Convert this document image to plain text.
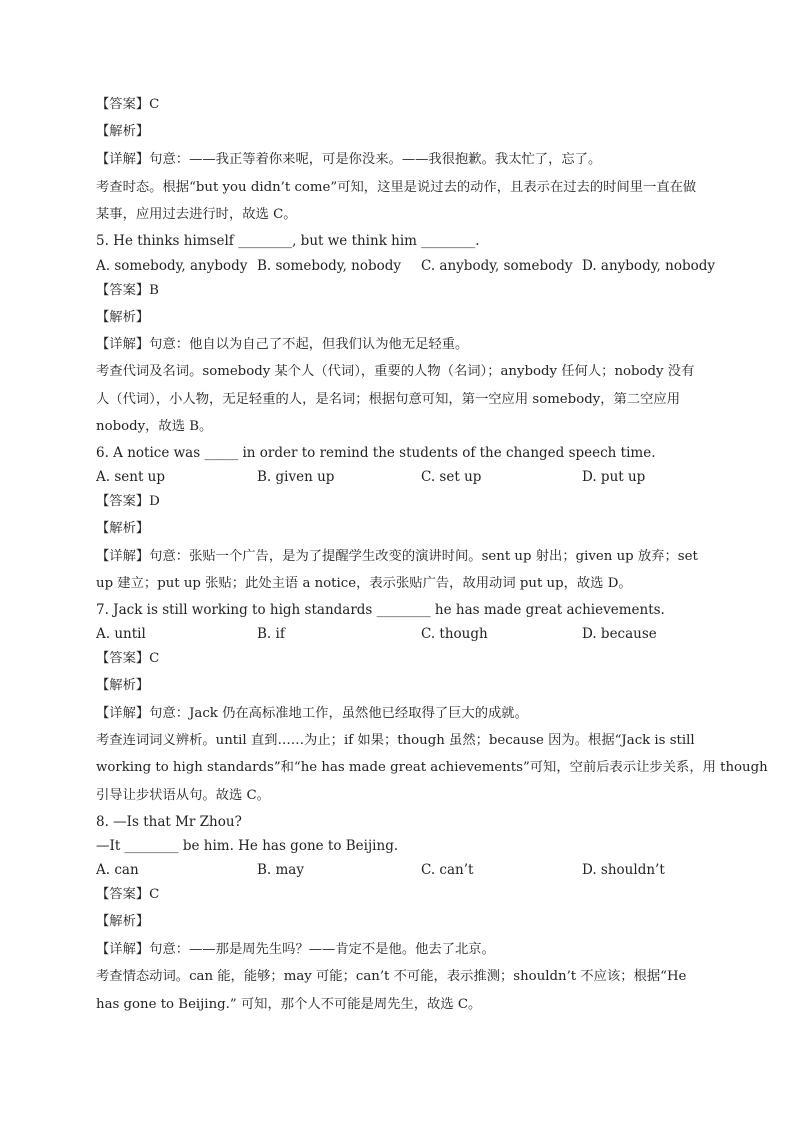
【答案】C
【解析】
【详解】句意：——我正等着你来呢，可是你没来。——我很抱歉。我太忙了，忘了。
考查时态。根据“but you didn’t come”可知，这里是说过去的动作，且表示在过去的时间里一直在做
某事，应用过去进行时，故选 C。
5. He thinks himself ________, but we think him ________.
A. somebody, anybody B. somebody, nobody C. anybody, somebody D. anybody, nobody
【答案】B
【解析】
【详解】句意：他自以为自己了不起，但我们认为他无足轻重。
考查代词及名词。somebody 某个人（代词），重要的人物（名词）；anybody 任何人；nobody 没有
人（代词），小人物，无足轻重的人，是名词；根据句意可知，第一空应用 somebody，第二空应用
nobody，故选 B。
6. A notice was _____ in order to remind the students of the changed speech time.
A. sent up	B. given up	C. set up	D. put up
【答案】D
【解析】
【详解】句意：张贴一个广告，是为了提醒学生改变的演讲时间。sent up 射出；given up 放弃；set
up 建立；put up 张贴；此处主语 a notice，表示张贴广告，故用动词 put up，故选 D。
7. Jack is still working to high standards ________ he has made great achievements.
A. until	B. if	C. though	D. because
【答案】C
【解析】
【详解】句意：Jack 仍在高标准地工作，虽然他已经取得了巨大的成就。
考查连词词义辨析。until 直到……为止；if 如果；though 虽然；because 因为。根据“Jack is still
working to high standards”和“he has made great achievements”可知，空前后表示让步关系，用 though
引导让步状语从句。故选 C。
8. —Is that Mr Zhou?
—It ________ be him. He has gone to Beijing.
A. can	B. may	C. can’t	D. shouldn’t
【答案】C
【解析】
【详解】句意：——那是周先生吗？——肯定不是他。他去了北京。
考查情态动词。can 能，能够；may 可能；can’t 不可能，表示推测；shouldn’t 不应该；根据“He
has gone to Beijing.” 可知，那个人不可能是周先生，故选 C。
